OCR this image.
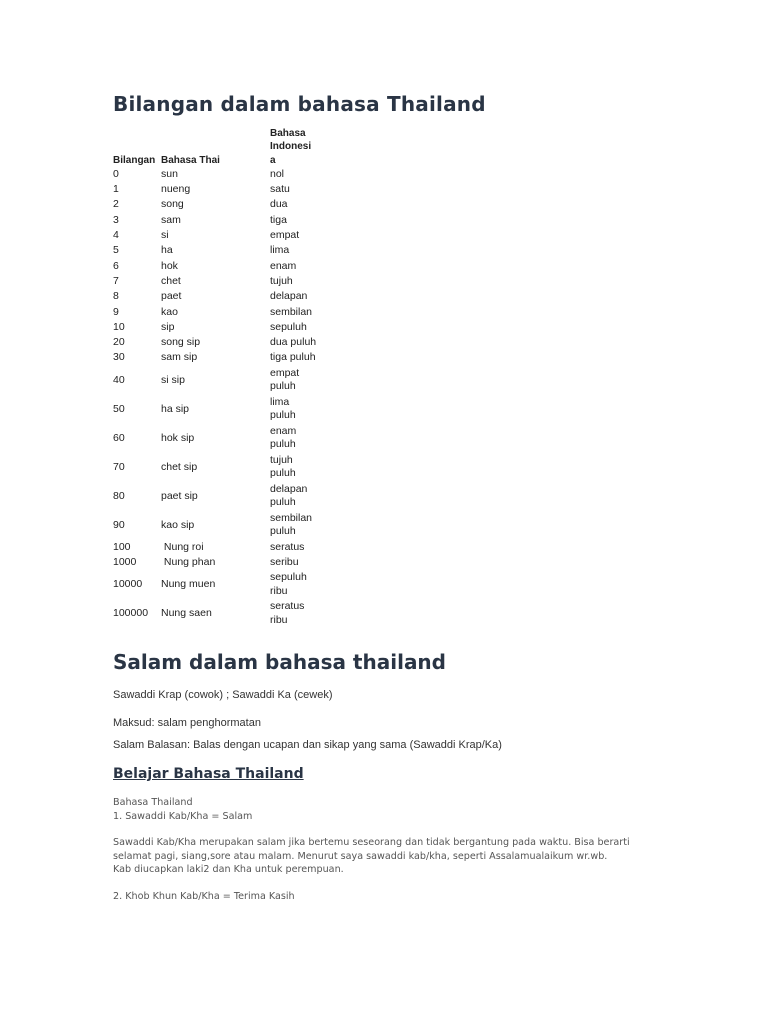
Bilangan dalam bahasa Thailand
Bilangan	Bahasa Thai	Bahasa
Indonesi
a

0	sun	nol

1	nueng	satu

2	song	dua

3	sam	tiga

4	si	empat

5	ha	lima

6	hok	enam

7	chet	tujuh

8	paet	delapan

9	kao	sembilan

10	sip	sepuluh

20	song sip	dua puluh

30	sam sip	tiga puluh

40	si sip	empat
puluh

50	ha sip	lima
puluh

60	hok sip	enam
puluh

70	chet sip	tujuh
puluh

80	paet sip	delapan
puluh

90	kao sip	sembilan
puluh

100	Nung roi	seratus

1000	Nung phan	seribu

10000	Nung muen	sepuluh
ribu

100000	Nung saen	seratus
ribu
Salam dalam bahasa thailand

Sawaddi Krap (cowok) ; Sawaddi Ka (cewek)

Maksud: salam penghormatan

Salam Balasan: Balas dengan ucapan dan sikap yang sama (Sawaddi Krap/Ka)

Belajar Bahasa Thailand

Bahasa Thailand
1. Sawaddi Kab/Kha = Salam

Sawaddi Kab/Kha merupakan salam jika bertemu seseorang dan tidak bergantung pada waktu. Bisa berarti
selamat pagi, siang,sore atau malam. Menurut saya sawaddi kab/kha, seperti Assalamualaikum wr.wb.
Kab diucapkan laki2 dan Kha untuk perempuan.

2. Khob Khun Kab/Kha = Terima Kasih
